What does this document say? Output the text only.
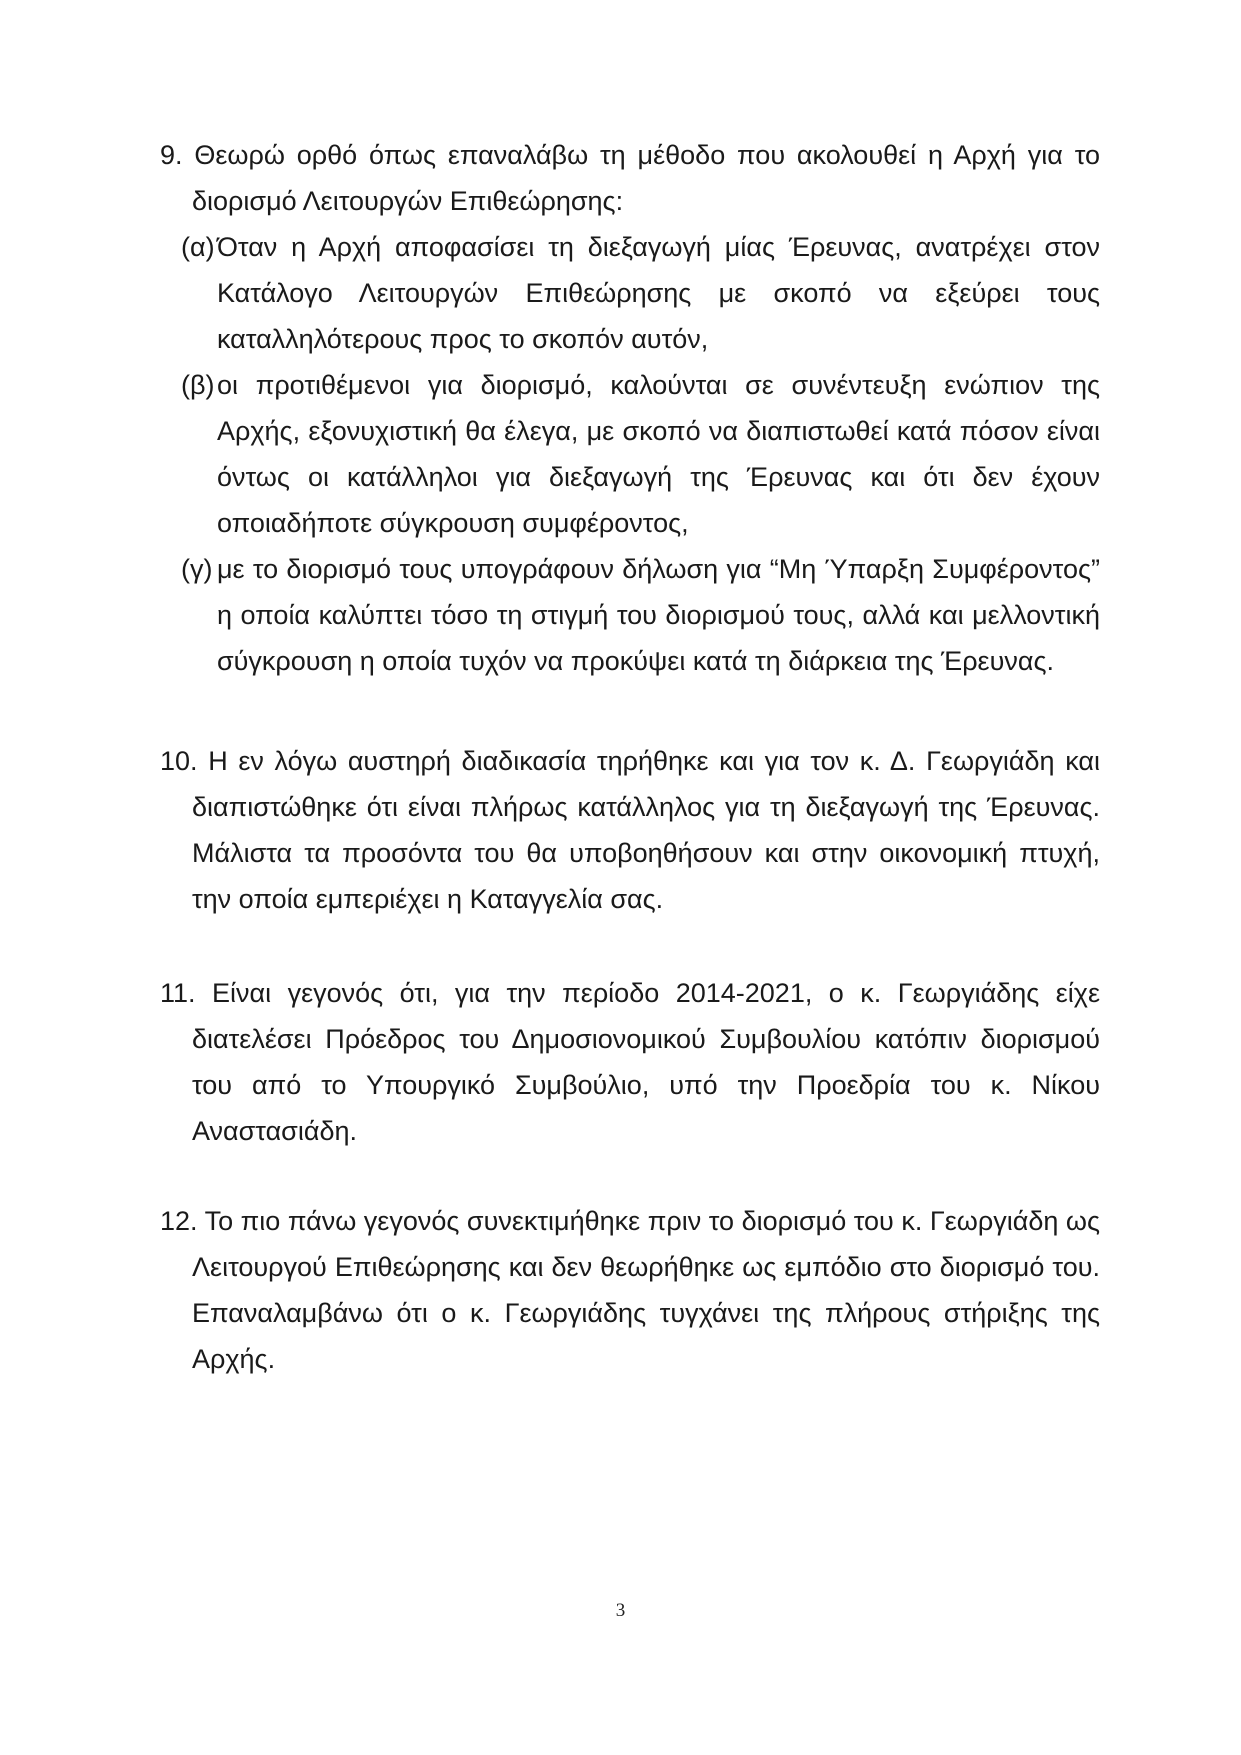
9. Θεωρώ ορθό όπως επαναλάβω τη μέθοδο που ακολουθεί η Αρχή για το διορισμό Λειτουργών Επιθεώρησης:
(α) Όταν η Αρχή αποφασίσει τη διεξαγωγή μίας Έρευνας, ανατρέχει στον Κατάλογο Λειτουργών Επιθεώρησης με σκοπό να εξεύρει τους καταλληλότερους προς το σκοπόν αυτόν,
(β) οι προτιθέμενοι για διορισμό, καλούνται σε συνέντευξη ενώπιον της Αρχής, εξονυχιστική θα έλεγα, με σκοπό να διαπιστωθεί κατά πόσον είναι όντως οι κατάλληλοι για διεξαγωγή της Έρευνας και ότι δεν έχουν οποιαδήποτε σύγκρουση συμφέροντος,
(γ) με το διορισμό τους υπογράφουν δήλωση για “Μη Ύπαρξη Συμφέροντος” η οποία καλύπτει τόσο τη στιγμή του διορισμού τους, αλλά και μελλοντική σύγκρουση η οποία τυχόν να προκύψει κατά τη διάρκεια της Έρευνας.
10. Η εν λόγω αυστηρή διαδικασία τηρήθηκε και για τον κ. Δ. Γεωργιάδη και διαπιστώθηκε ότι είναι πλήρως κατάλληλος για τη διεξαγωγή της Έρευνας. Μάλιστα τα προσόντα του θα υποβοηθήσουν και στην οικονομική πτυχή, την οποία εμπεριέχει η Καταγγελία σας.
11. Είναι γεγονός ότι, για την περίοδο 2014-2021, ο κ. Γεωργιάδης είχε διατελέσει Πρόεδρος του Δημοσιονομικού Συμβουλίου κατόπιν διορισμού του από το Υπουργικό Συμβούλιο, υπό την Προεδρία του κ. Νίκου Αναστασιάδη.
12. Το πιο πάνω γεγονός συνεκτιμήθηκε πριν το διορισμό του κ. Γεωργιάδη ως Λειτουργού Επιθεώρησης και δεν θεωρήθηκε ως εμπόδιο στο διορισμό του. Επαναλαμβάνω ότι ο κ. Γεωργιάδης τυγχάνει της πλήρους στήριξης της Αρχής.
3
